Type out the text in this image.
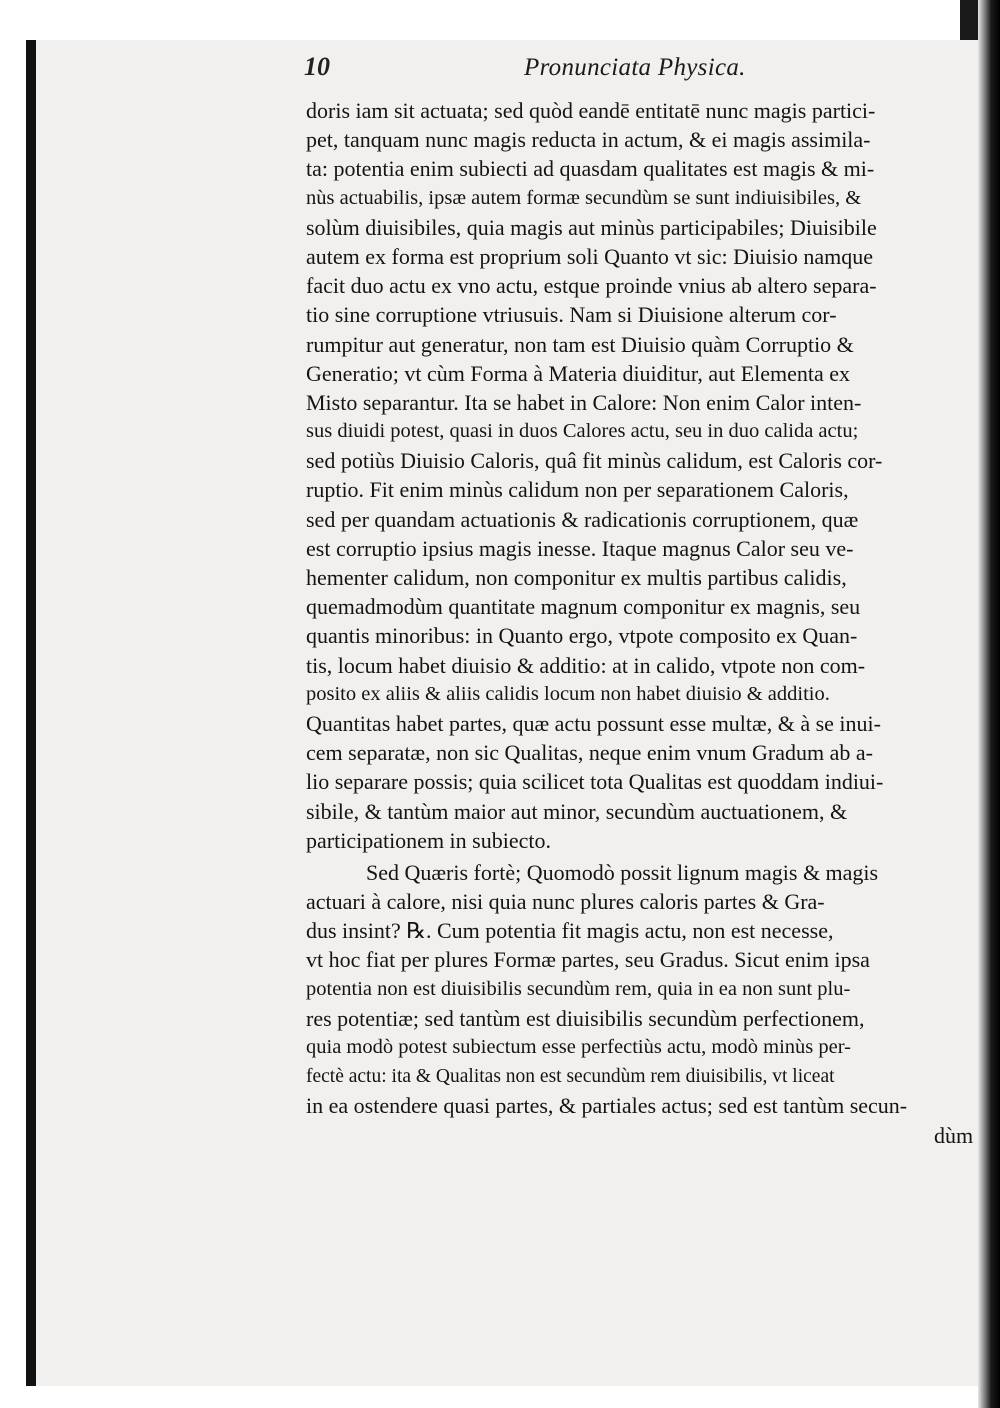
10	Pronunciata Physica.
doris iam sit actuata; sed quòd eandē entitatē nunc magis partici-
pet, tanquam nunc magis reducta in actum, & ei magis assimila-
ta: potentia enim subiecti ad quasdam qualitates est magis & mi-
nùs actuabilis, ipsæ autem formæ secundùm se sunt indiuisibiles, &
solùm diuisibiles, quia magis aut minùs participabiles; Diuisibile
autem ex forma est proprium soli Quanto vt sic: Diuisio namque
facit duo actu ex vno actu, estque proinde vnius ab altero separa-
tio sine corruptione vtriusuis. Nam si Diuisione alterum cor-
rumpitur aut generatur, non tam est Diuisio quàm Corruptio &
Generatio; vt cùm Forma à Materia diuiditur, aut Elementa ex
Misto separantur. Ita se habet in Calore: Non enim Calor inten-
sus diuidi potest, quasi in duos Calores actu, seu in duo calida actu;
sed potiùs Diuisio Caloris, quâ fit minùs calidum, est Caloris cor-
ruptio. Fit enim minùs calidum non per separationem Caloris,
sed per quandam actuationis & radicationis corruptionem, quæ
est corruptio ipsius magis inesse. Itaque magnus Calor seu ve-
hementer calidum, non componitur ex multis partibus calidis,
quemadmodùm quantitate magnum componitur ex magnis, seu
quantis minoribus: in Quanto ergo, vtpote composito ex Quan-
tis, locum habet diuisio & additio: at in calido, vtpote non com-
posito ex aliis & aliis calidis locum non habet diuisio & additio.
Quantitas habet partes, quæ actu possunt esse multæ, & à se inui-
cem separatæ, non sic Qualitas, neque enim vnum Gradum ab a-
lio separare possis; quia scilicet tota Qualitas est quoddam indiui-
sibile, & tantùm maior aut minor, secundùm auctuationem, &
participationem in subiecto.
Sed Quæris fortè; Quomodò possit lignum magis & magis
actuari à calore, nisi quia nunc plures caloris partes & Gra-
dus insint? ℞. Cum potentia fit magis actu, non est necesse,
vt hoc fiat per plures Formæ partes, seu Gradus. Sicut enim ipsa
potentia non est diuisibilis secundùm rem, quia in ea non sunt plu-
res potentiæ; sed tantùm est diuisibilis secundùm perfectionem,
quia modò potest subiectum esse perfectiùs actu, modò minùs per-
fectè actu: ita & Qualitas non est secundùm rem diuisibilis, vt liceat
in ea ostendere quasi partes, & partiales actus; sed est tantùm secun-
dùm
